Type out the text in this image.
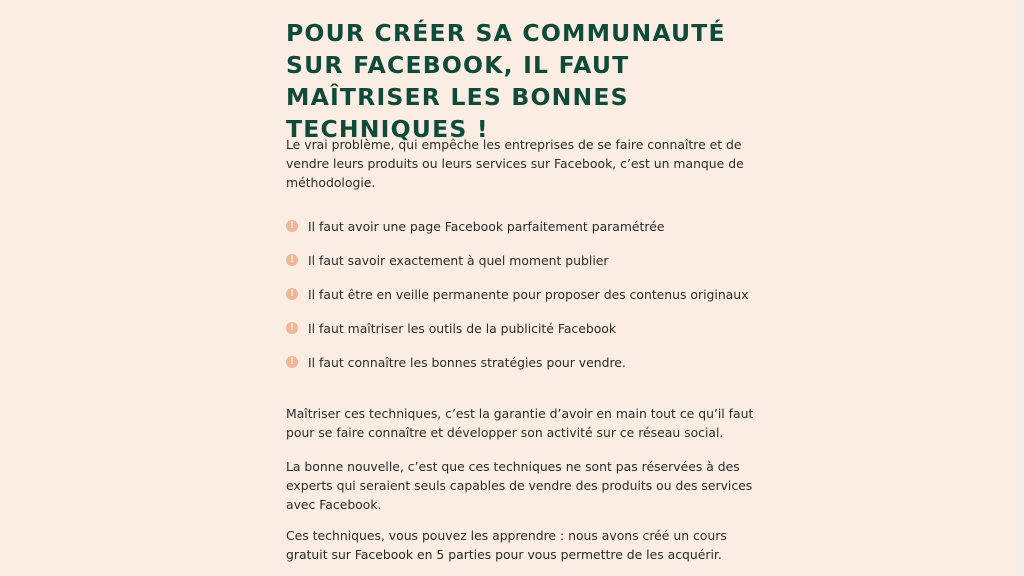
POUR CRÉER SA COMMUNAUTÉ SUR FACEBOOK, IL FAUT MAÎTRISER LES BONNES TECHNIQUES !

Le vrai problème, qui empêche les entreprises de se faire connaître et de vendre leurs produits ou leurs services sur Facebook, c’est un manque de méthodologie.

!	Il faut avoir une page Facebook parfaitement paramétrée
!	Il faut savoir exactement à quel moment publier
!	Il faut être en veille permanente pour proposer des contenus originaux
!	Il faut maîtriser les outils de la publicité Facebook
!	Il faut connaître les bonnes stratégies pour vendre.

Maîtriser ces techniques, c’est la garantie d’avoir en main tout ce qu’il faut pour se faire connaître et développer son activité sur ce réseau social.

La bonne nouvelle, c’est que ces techniques ne sont pas réservées à des experts qui seraient seuls capables de vendre des produits ou des services avec Facebook.

Ces techniques, vous pouvez les apprendre : nous avons créé un cours gratuit sur Facebook en 5 parties pour vous permettre de les acquérir.
